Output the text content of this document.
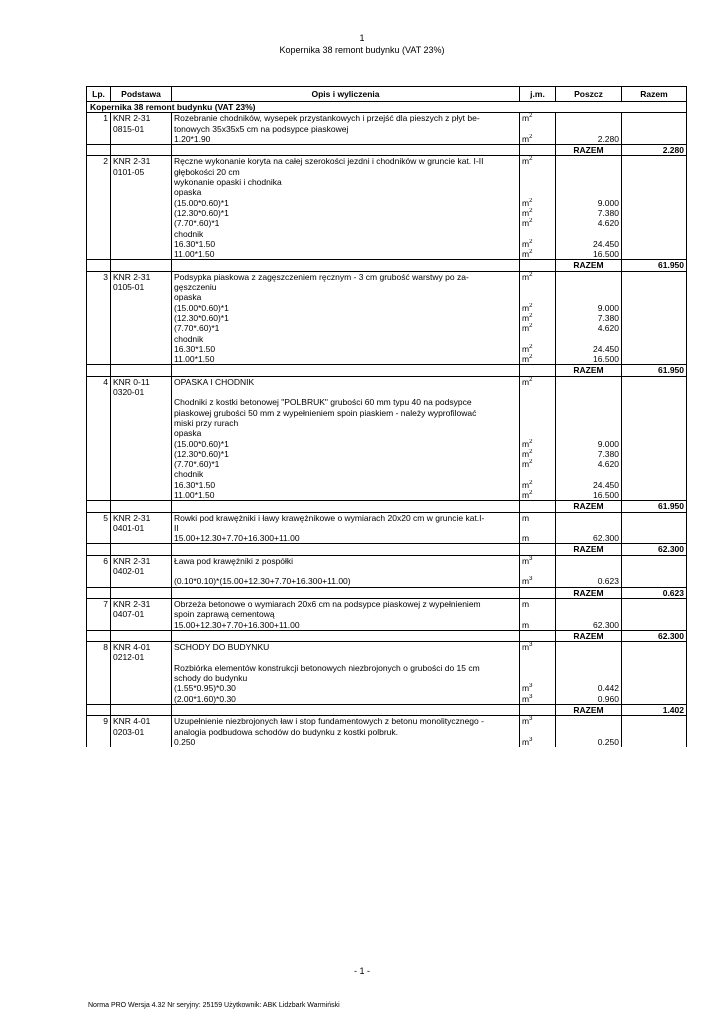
1
Kopernika 38 remont budynku (VAT 23%)
Lp.	Podstawa	Opis i wyliczenia	j.m.	Poszcz	Razem
Kopernika 38 remont budynku (VAT 23%)					
1	KNR 2-31	Rozebranie chodników, wysepek przystankowych i przejść dla pieszych z płyt be-	$m^2$		
	0815-01	tonowych 35x35x5 cm na podsypce piaskowej			

		1.20*1.90	$m^2$	2.280	
				RAZEM	2.280
2	KNR 2-31	Ręczne wykonanie koryta na całej szerokości jezdni i chodników w gruncie kat. I-II	$m^2$		
	0101-05	głębokości 20 cm			

		wykonanie opaski i chodnika			

		opaska			
		(15.00*0.60)*1	$m^2$	9.000	
		(12.30*0.60)*1	$m^2$	7.380	
		(7.70*.60)*1	$m^2$	4.620	

		chodnik			
		16.30*1.50	$m^2$	24.450	
		11.00*1.50	$m^2$	16.500	
				RAZEM	61.950
3	KNR 2-31	Podsypka piaskowa z zagęszczeniem ręcznym - 3 cm grubość warstwy po za-	$m^2$		
	0105-01	gęszczeniu			

		opaska			
		(15.00*0.60)*1	$m^2$	9.000	
		(12.30*0.60)*1	$m^2$	7.380	
		(7.70*.60)*1	$m^2$	4.620	

		chodnik			
		16.30*1.50	$m^2$	24.450	
		11.00*1.50	$m^2$	16.500	
				RAZEM	61.950
4	KNR 0-11	OPASKA I CHODNIK	$m^2$		
	0320-01				
		Chodniki z kostki betonowej "POLBRUK" grubości 60 mm typu 40 na podsypce			
		piaskowej grubości 50 mm z wypełnieniem spoin piaskiem - należy wyprofilować			
		miski przy rurach			

		opaska			
		(15.00*0.60)*1	$m^2$	9.000	
		(12.30*0.60)*1	$m^2$	7.380	
		(7.70*.60)*1	$m^2$	4.620	

		chodnik			
		16.30*1.50	$m^2$	24.450	
		11.00*1.50	$m^2$	16.500	
				RAZEM	61.950
5	KNR 2-31	Rowki pod krawężniki i ławy krawężnikowe o wymiarach 20x20 cm w gruncie kat.I-	m		
	0401-01	II			

		15.00+12.30+7.70+16.300+11.00	m	62.300	
				RAZEM	62.300
6	KNR 2-31	Ława pod krawężniki z pospółki	$m^3$		
	0402-01				

		(0.10*0.10)*(15.00+12.30+7.70+16.300+11.00)	$m^3$	0.623	
				RAZEM	0.623
7	KNR 2-31	Obrzeża betonowe o wymiarach 20x6 cm na podsypce piaskowej z wypełnieniem	m		
	0407-01	spoin zaprawą cementową			

		15.00+12.30+7.70+16.300+11.00	m	62.300	
				RAZEM	62.300
8	KNR 4-01	SCHODY DO BUDYNKU	$m^3$		
	0212-01				
		Rozbiórka elementów konstrukcji betonowych niezbrojonych o grubości do 15 cm			

		schody do budynku			
		(1.55*0.95)*0.30	$m^3$	0.442	
		(2.00*1.60)*0.30	$m^3$	0.960	

				RAZEM	1.402
9	KNR 4-01	Uzupełnienie niezbrojonych ław i stop fundamentowych z betonu monolitycznego -	$m^3$		
	0203-01	analogia podbudowa schodów do budynku z kostki polbruk.			

		0.250	$m^3$	0.250	
- 1 -
Norma PRO Wersja 4.32 Nr seryjny: 25159 Użytkownik: ABK Lidzbark Warmiński
